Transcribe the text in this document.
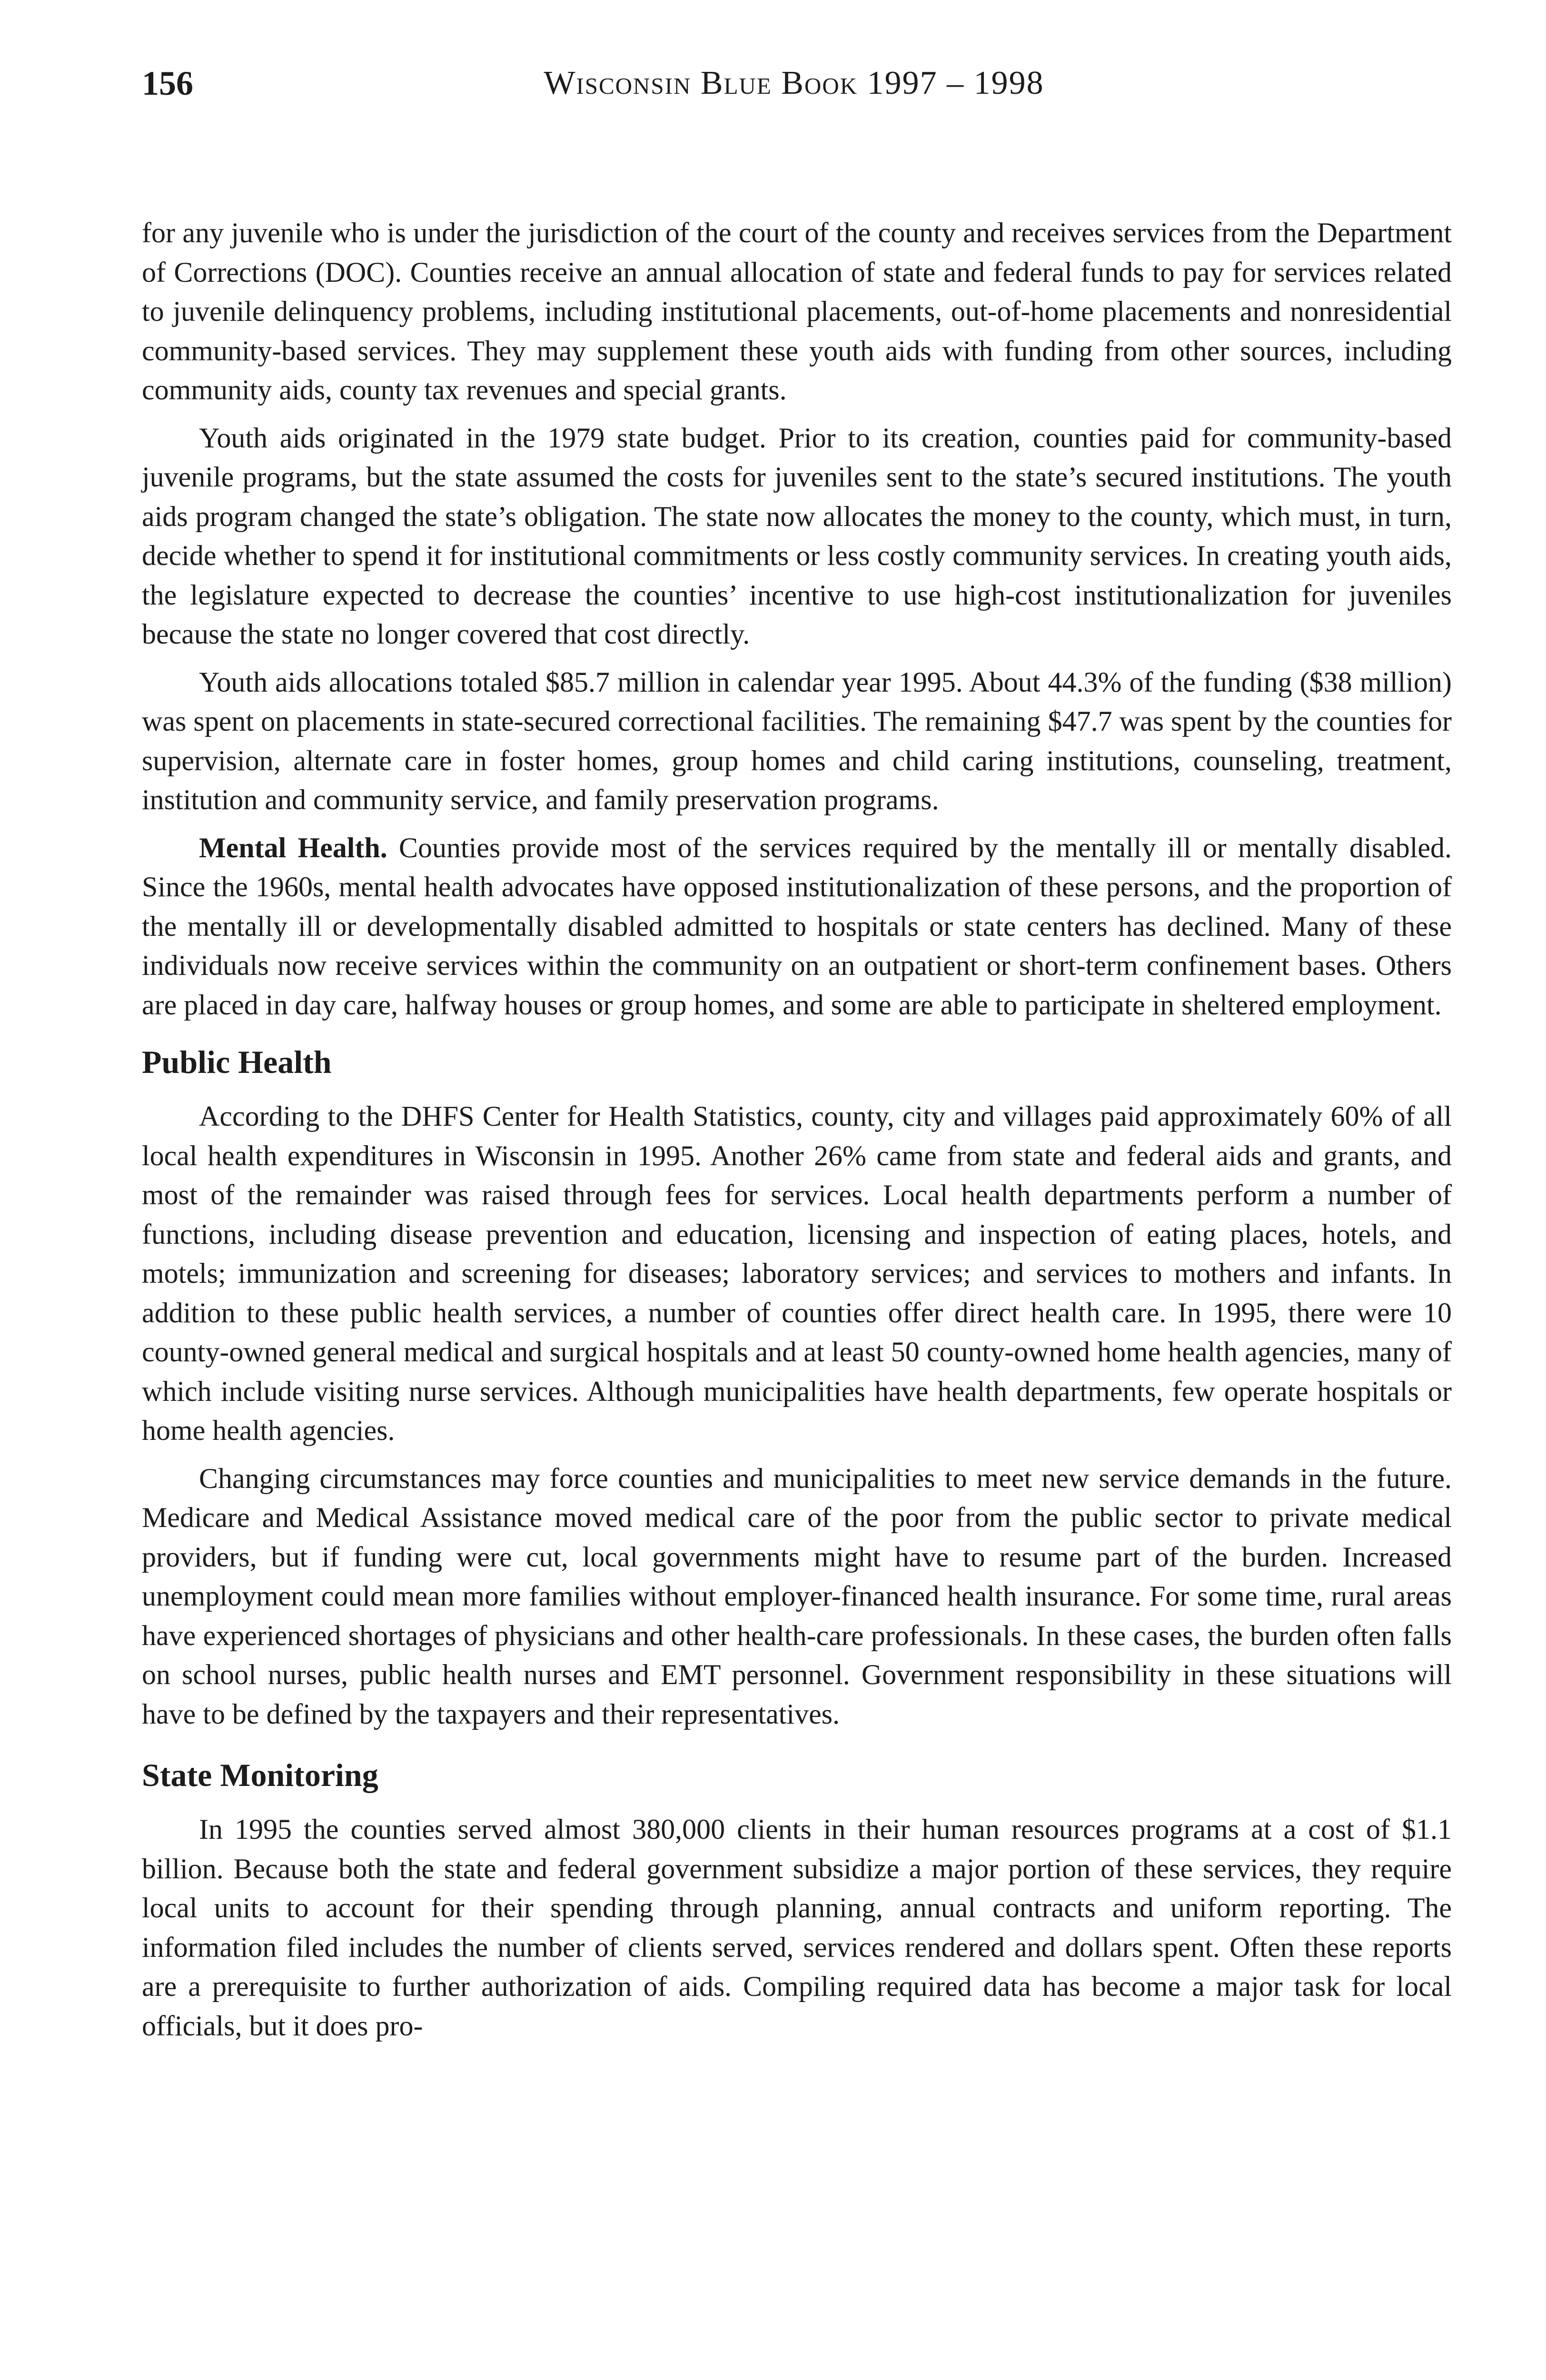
156	Wisconsin Blue Book 1997 – 1998

for any juvenile who is under the jurisdiction of the court of the county and receives services from the Department of Corrections (DOC). Counties receive an annual allocation of state and federal funds to pay for services related to juvenile delinquency problems, including institutional placements, out-of-home placements and nonresidential community-based services. They may supplement these youth aids with funding from other sources, including community aids, county tax revenues and special grants.

Youth aids originated in the 1979 state budget. Prior to its creation, counties paid for community-based juvenile programs, but the state assumed the costs for juveniles sent to the state’s secured institutions. The youth aids program changed the state’s obligation. The state now allocates the money to the county, which must, in turn, decide whether to spend it for institutional commitments or less costly community services. In creating youth aids, the legislature expected to decrease the counties’ incentive to use high-cost institutionalization for juveniles because the state no longer covered that cost directly.

Youth aids allocations totaled $85.7 million in calendar year 1995. About 44.3% of the funding ($38 million) was spent on placements in state-secured correctional facilities. The remaining $47.7 was spent by the counties for supervision, alternate care in foster homes, group homes and child caring institutions, counseling, treatment, institution and community service, and family preservation programs.

Mental Health. Counties provide most of the services required by the mentally ill or mentally disabled. Since the 1960s, mental health advocates have opposed institutionalization of these persons, and the proportion of the mentally ill or developmentally disabled admitted to hospitals or state centers has declined. Many of these individuals now receive services within the community on an outpatient or short-term confinement bases. Others are placed in day care, halfway houses or group homes, and some are able to participate in sheltered employment.

Public Health

According to the DHFS Center for Health Statistics, county, city and villages paid approximately 60% of all local health expenditures in Wisconsin in 1995. Another 26% came from state and federal aids and grants, and most of the remainder was raised through fees for services. Local health departments perform a number of functions, including disease prevention and education, licensing and inspection of eating places, hotels, and motels; immunization and screening for diseases; laboratory services; and services to mothers and infants. In addition to these public health services, a number of counties offer direct health care. In 1995, there were 10 county-owned general medical and surgical hospitals and at least 50 county-owned home health agencies, many of which include visiting nurse services. Although municipalities have health departments, few operate hospitals or home health agencies.

Changing circumstances may force counties and municipalities to meet new service demands in the future. Medicare and Medical Assistance moved medical care of the poor from the public sector to private medical providers, but if funding were cut, local governments might have to resume part of the burden. Increased unemployment could mean more families without employer-financed health insurance. For some time, rural areas have experienced shortages of physicians and other health-care professionals. In these cases, the burden often falls on school nurses, public health nurses and EMT personnel. Government responsibility in these situations will have to be defined by the taxpayers and their representatives.

State Monitoring

In 1995 the counties served almost 380,000 clients in their human resources programs at a cost of $1.1 billion. Because both the state and federal government subsidize a major portion of these services, they require local units to account for their spending through planning, annual contracts and uniform reporting. The information filed includes the number of clients served, services rendered and dollars spent. Often these reports are a prerequisite to further authorization of aids. Compiling required data has become a major task for local officials, but it does pro-
